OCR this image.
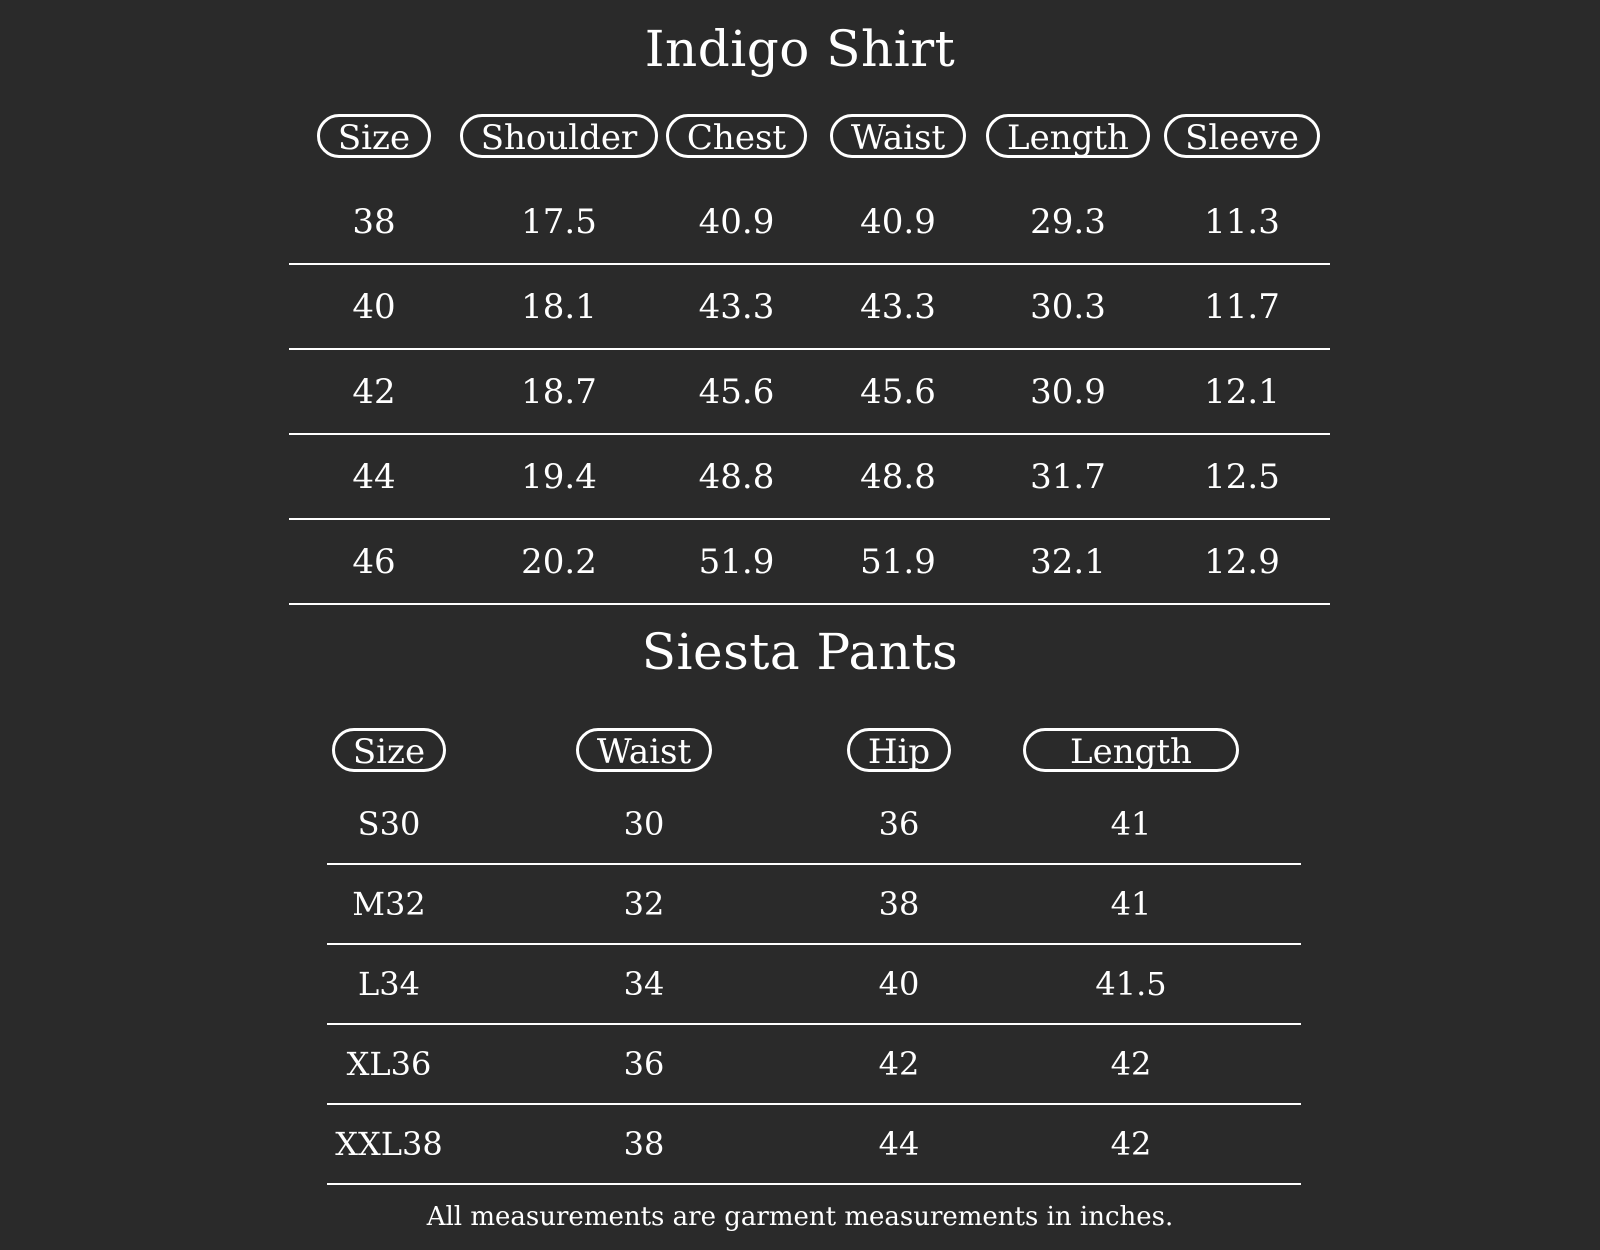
Indigo Shirt
Size	Shoulder	Chest	Waist	Length	Sleeve
38	17.5	40.9	40.9	29.3	11.3
40	18.1	43.3	43.3	30.3	11.7
42	18.7	45.6	45.6	30.9	12.1
44	19.4	48.8	48.8	31.7	12.5
46	20.2	51.9	51.9	32.1	12.9
Siesta Pants
Size	Waist	Hip	Length
S30	30	36	41
M32	32	38	41
L34	34	40	41.5
XL36	36	42	42
XXL38	38	44	42
All measurements are garment measurements in inches.
